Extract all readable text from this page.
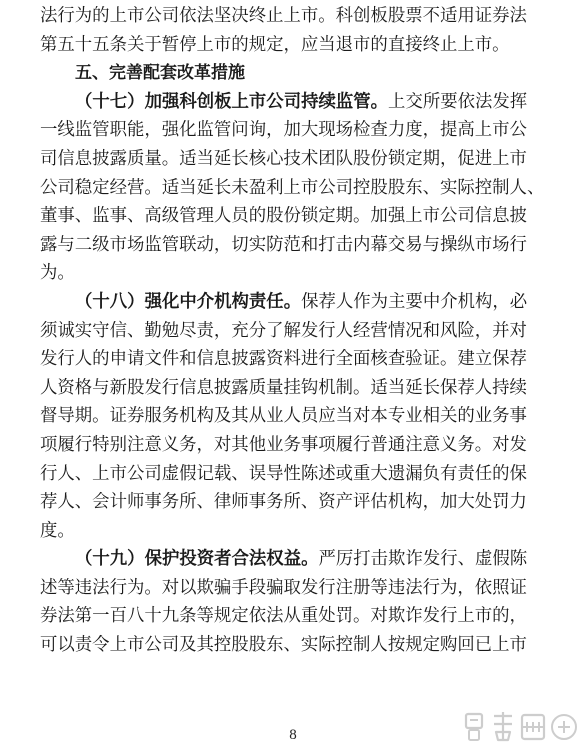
法行为的上市公司依法坚决终止上市。科创板股票不适用证券法
第五十五条关于暂停上市的规定，应当退市的直接终止上市。
五、完善配套改革措施
（十七）加强科创板上市公司持续监管。上交所要依法发挥
一线监管职能，强化监管问询，加大现场检查力度，提高上市公
司信息披露质量。适当延长核心技术团队股份锁定期，促进上市
公司稳定经营。适当延长未盈利上市公司控股股东、实际控制人、
董事、监事、高级管理人员的股份锁定期。加强上市公司信息披
露与二级市场监管联动，切实防范和打击内幕交易与操纵市场行
为。
（十八）强化中介机构责任。保荐人作为主要中介机构，必
须诚实守信、勤勉尽责，充分了解发行人经营情况和风险，并对
发行人的申请文件和信息披露资料进行全面核查验证。建立保荐
人资格与新股发行信息披露质量挂钩机制。适当延长保荐人持续
督导期。证券服务机构及其从业人员应当对本专业相关的业务事
项履行特别注意义务，对其他业务事项履行普通注意义务。对发
行人、上市公司虚假记载、误导性陈述或重大遗漏负有责任的保
荐人、会计师事务所、律师事务所、资产评估机构，加大处罚力
度。
（十九）保护投资者合法权益。严厉打击欺诈发行、虚假陈
述等违法行为。对以欺骗手段骗取发行注册等违法行为，依照证
券法第一百八十九条等规定依法从重处罚。对欺诈发行上市的，
可以责令上市公司及其控股股东、实际控制人按规定购回已上市
8
